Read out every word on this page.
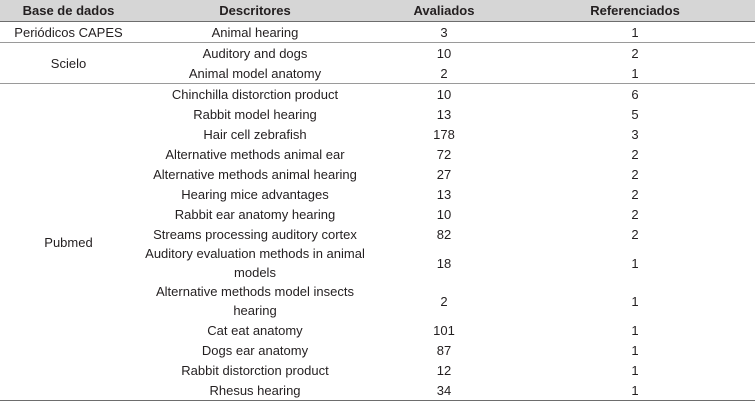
Base de dados	Descritores	Avaliados	Referenciados
Periódicos CAPES	Animal hearing	3	1
Scielo	Auditory and dogs	10	2
	Animal model anatomy	2	1
Pubmed	Chinchilla distorction product	10	6
	Rabbit model hearing	13	5
	Hair cell zebrafish	178	3
	Alternative methods animal ear	72	2
	Alternative methods animal hearing	27	2
	Hearing mice advantages	13	2
	Rabbit ear anatomy hearing	10	2
	Streams processing auditory cortex	82	2
	Auditory evaluation methods in animal models	18	1
	Alternative methods model insects hearing	2	1
	Cat eat anatomy	101	1
	Dogs ear anatomy	87	1
	Rabbit distorction product	12	1
	Rhesus hearing	34	1
